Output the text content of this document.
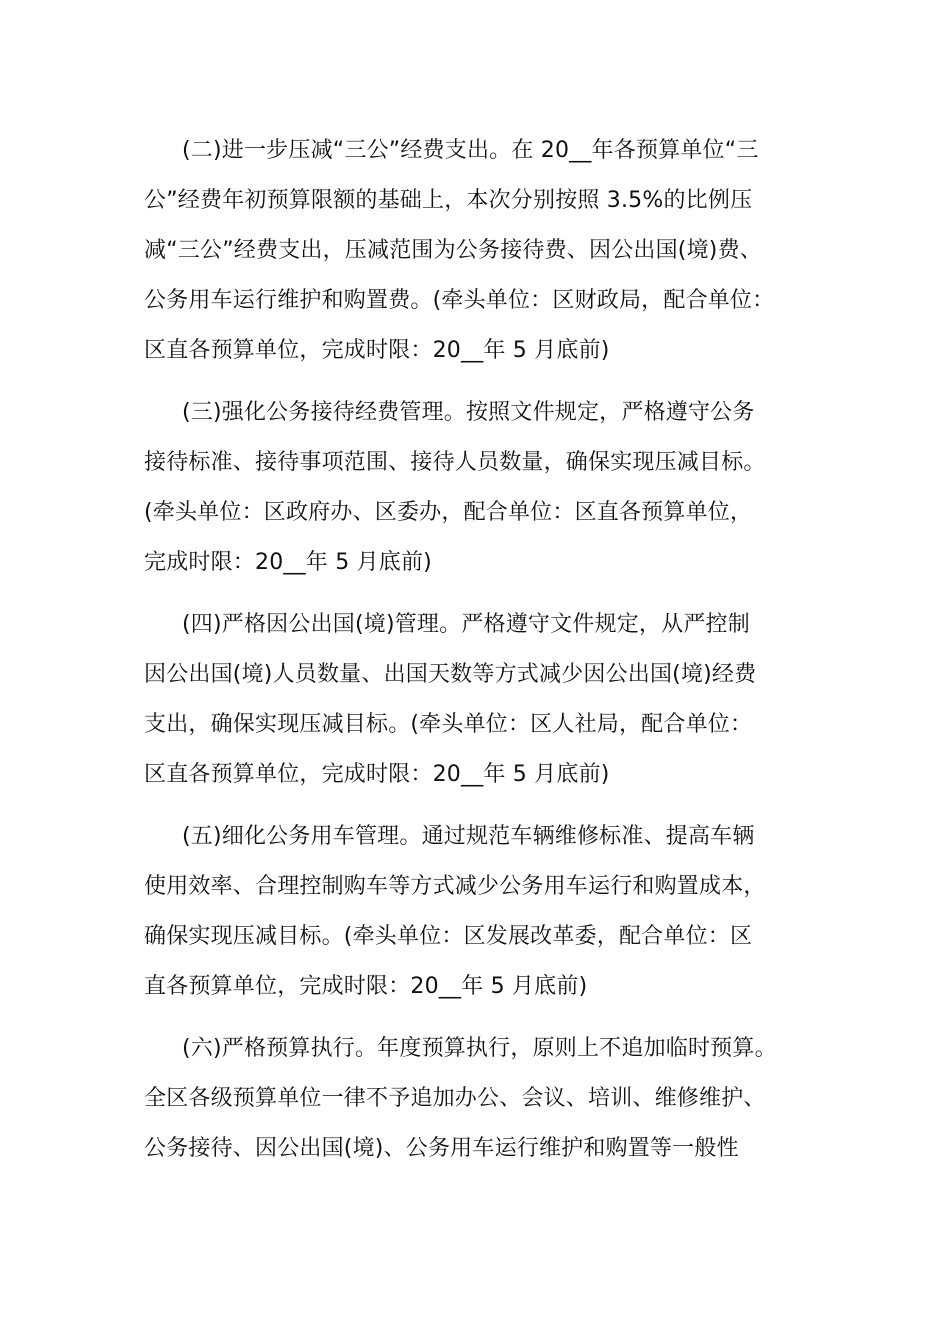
(二)进一步压减“三公”经费支出。在 20__年各预算单位“三
公”经费年初预算限额的基础上，本次分别按照 3.5%的比例压
减“三公”经费支出，压减范围为公务接待费、因公出国(境)费、
公务用车运行维护和购置费。(牵头单位：区财政局，配合单位：
区直各预算单位，完成时限：20__年 5 月底前)
(三)强化公务接待经费管理。按照文件规定，严格遵守公务
接待标准、接待事项范围、接待人员数量，确保实现压减目标。
(牵头单位：区政府办、区委办，配合单位：区直各预算单位，
完成时限：20__年 5 月底前)
(四)严格因公出国(境)管理。严格遵守文件规定，从严控制
因公出国(境)人员数量、出国天数等方式减少因公出国(境)经费
支出，确保实现压减目标。(牵头单位：区人社局，配合单位：
区直各预算单位，完成时限：20__年 5 月底前)
(五)细化公务用车管理。通过规范车辆维修标准、提高车辆
使用效率、合理控制购车等方式减少公务用车运行和购置成本，
确保实现压减目标。(牵头单位：区发展改革委，配合单位：区
直各预算单位，完成时限：20__年 5 月底前)
(六)严格预算执行。年度预算执行，原则上不追加临时预算。
全区各级预算单位一律不予追加办公、会议、培训、维修维护、
公务接待、因公出国(境)、公务用车运行维护和购置等一般性
